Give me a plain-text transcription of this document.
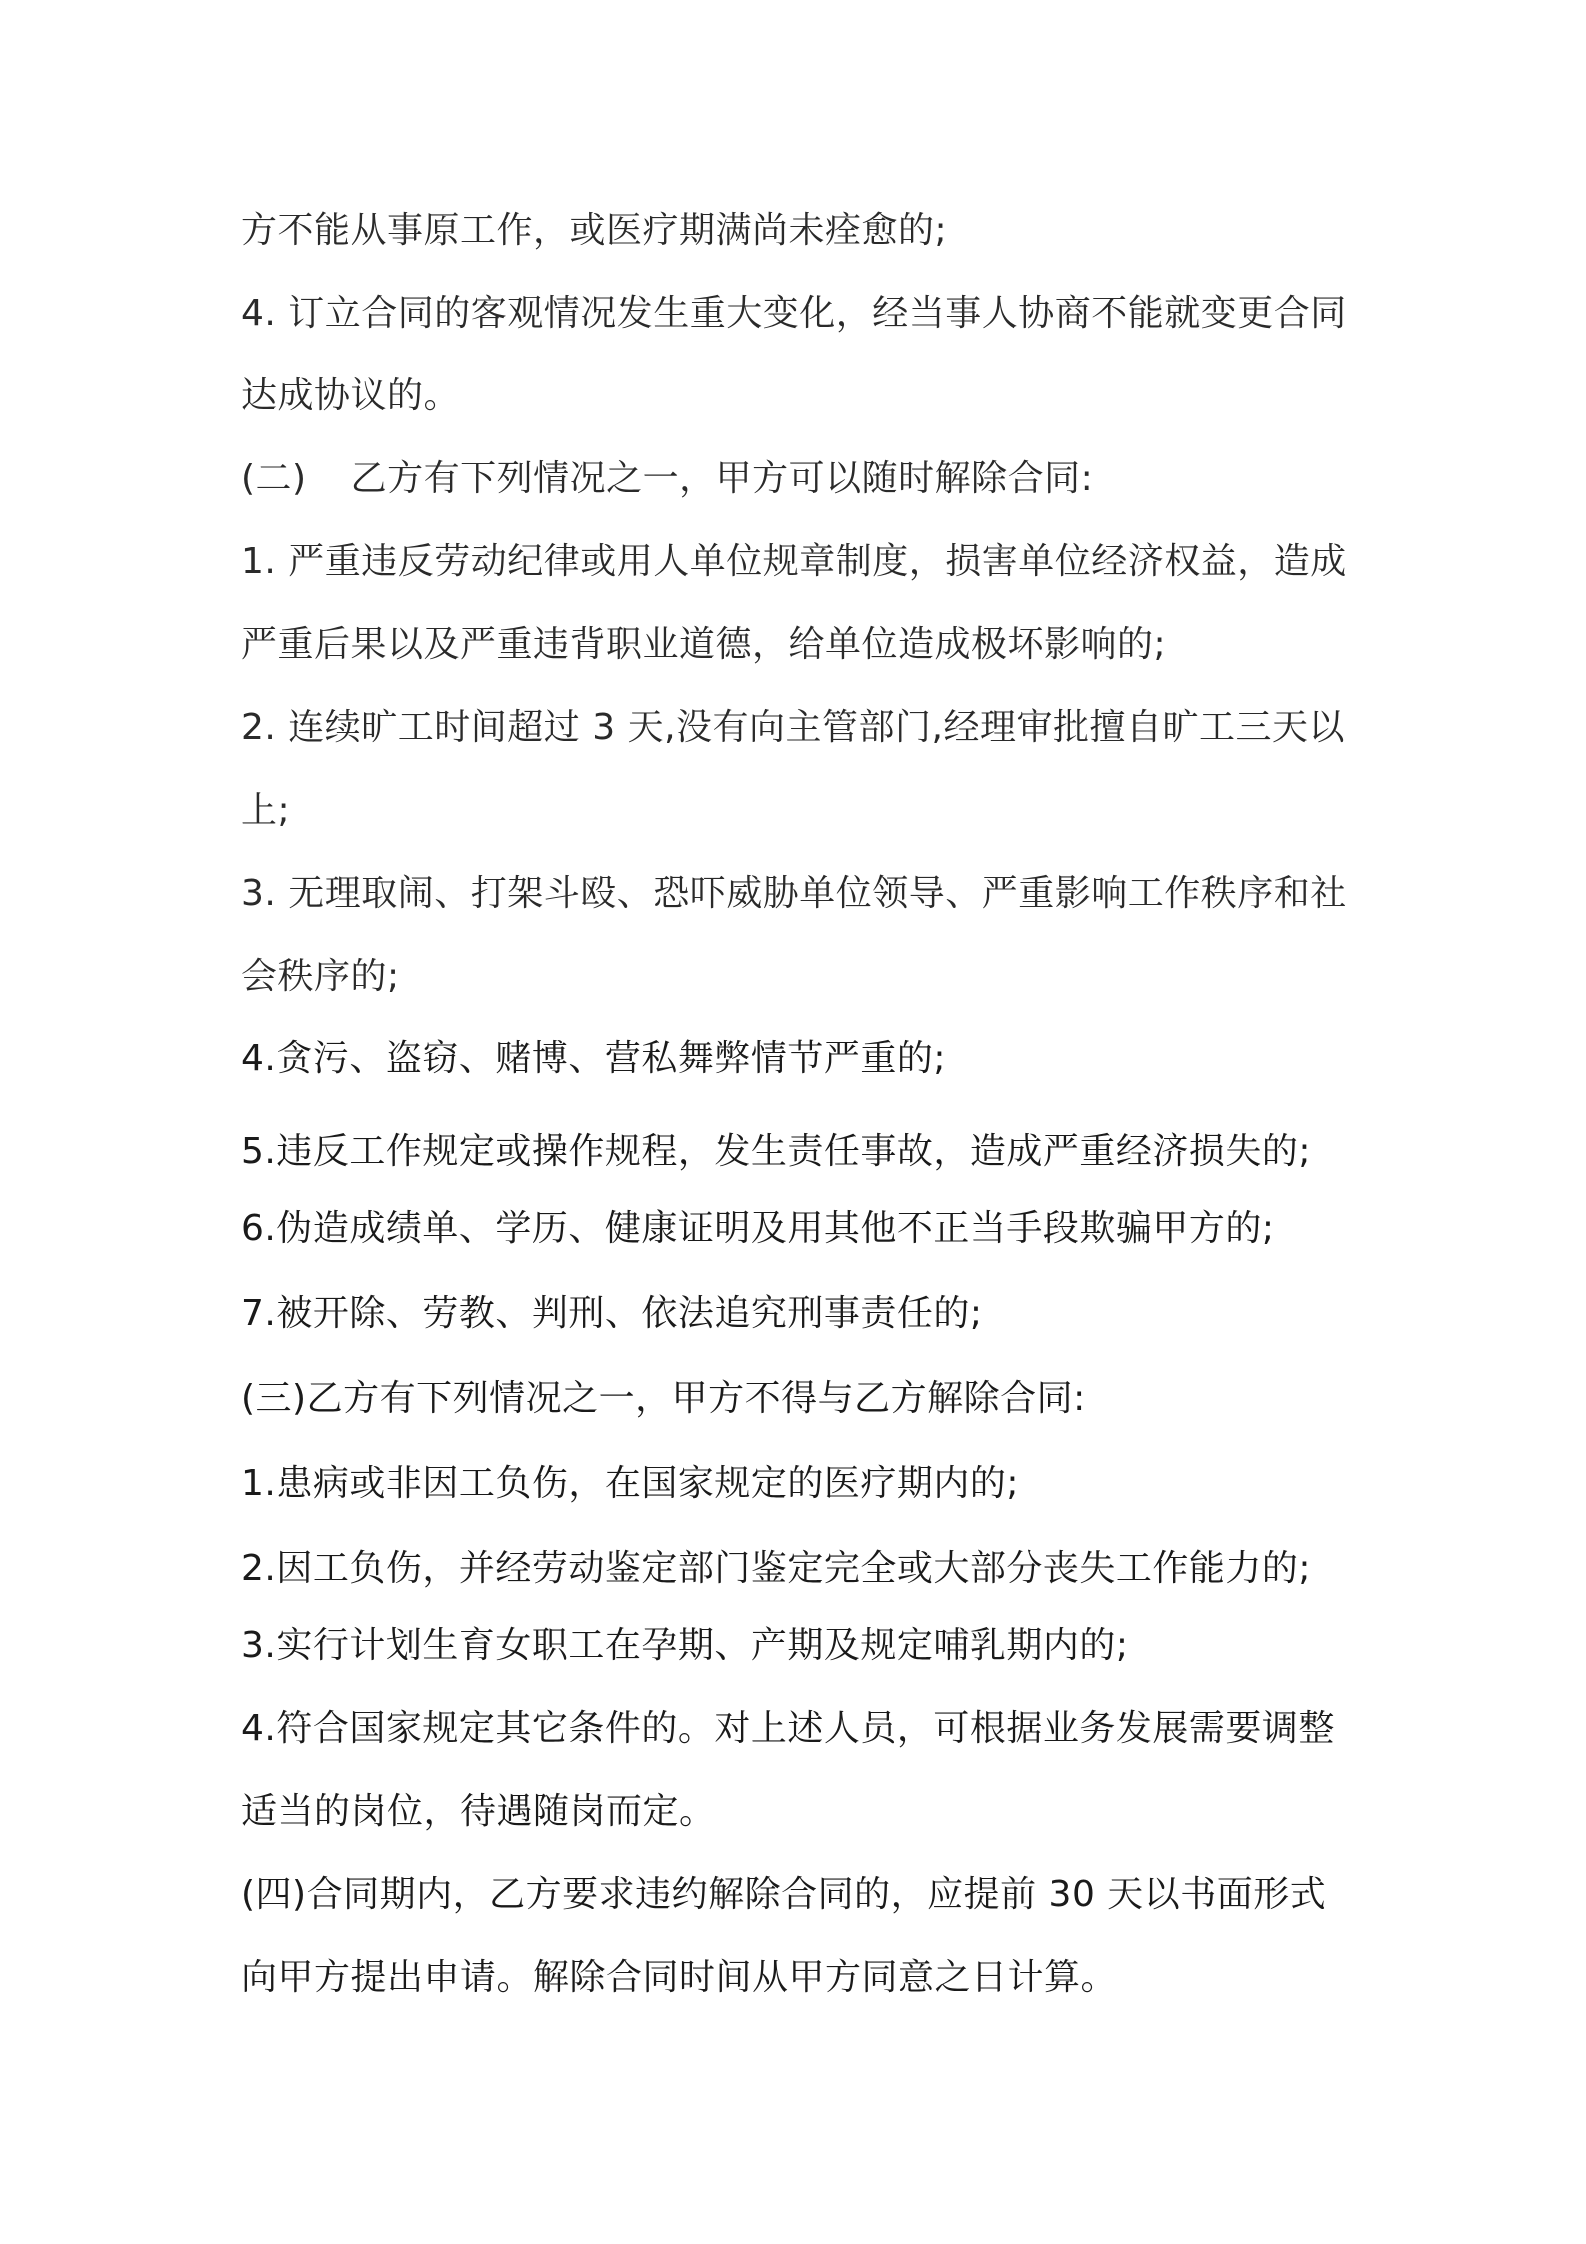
方不能从事原工作，或医疗期满尚未痊愈的;
4. 订立合同的客观情况发生重大变化，经当事人协商不能就变更合同
达成协议的。
(二) 乙方有下列情况之一，甲方可以随时解除合同:
1. 严重违反劳动纪律或用人单位规章制度，损害单位经济权益，造成
严重后果以及严重违背职业道德，给单位造成极坏影响的;
2. 连续旷工时间超过 3 天,没有向主管部门,经理审批擅自旷工三天以
上;
3. 无理取闹、打架斗殴、恐吓威胁单位领导、严重影响工作秩序和社
会秩序的;
4.贪污、盗窃、赌博、营私舞弊情节严重的;
5.违反工作规定或操作规程，发生责任事故，造成严重经济损失的;
6.伪造成绩单、学历、健康证明及用其他不正当手段欺骗甲方的;
7.被开除、劳教、判刑、依法追究刑事责任的;
(三)乙方有下列情况之一，甲方不得与乙方解除合同:
1.患病或非因工负伤，在国家规定的医疗期内的;
2.因工负伤，并经劳动鉴定部门鉴定完全或大部分丧失工作能力的;
3.实行计划生育女职工在孕期、产期及规定哺乳期内的;
4.符合国家规定其它条件的。对上述人员，可根据业务发展需要调整
适当的岗位，待遇随岗而定。
(四)合同期内，乙方要求违约解除合同的，应提前 30 天以书面形式
向甲方提出申请。解除合同时间从甲方同意之日计算。
